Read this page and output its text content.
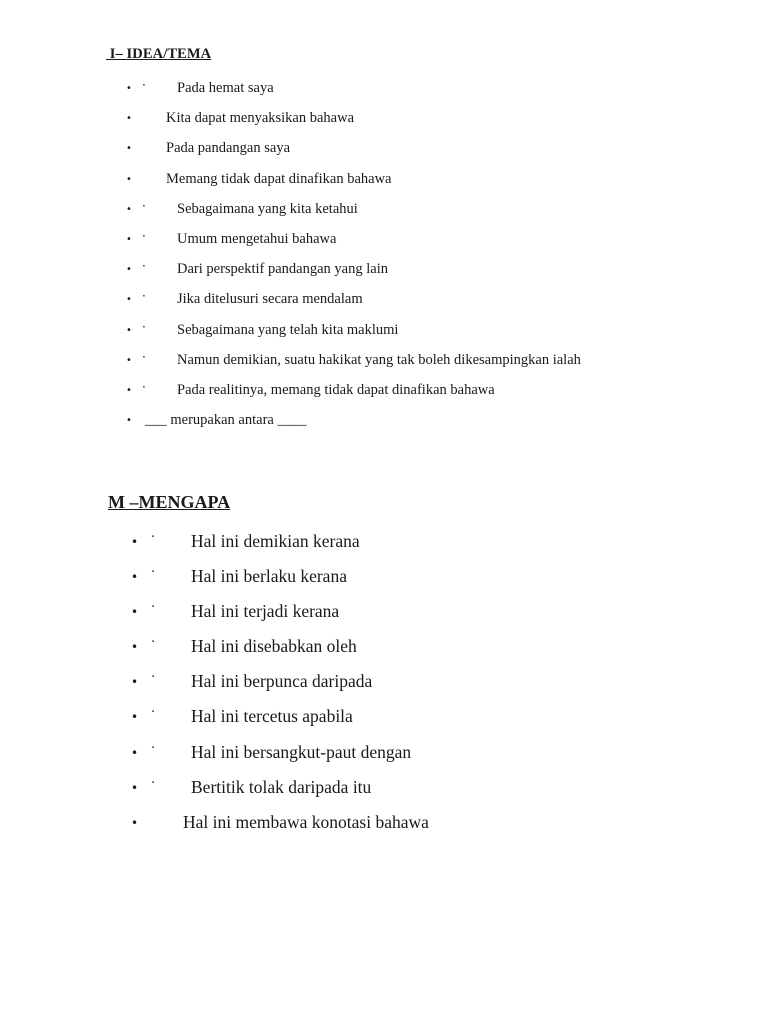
I– IDEA/TEMA
• · Pada hemat saya
• Kita dapat menyaksikan bahawa
• Pada pandangan saya
• Memang tidak dapat dinafikan bahawa
• · Sebagaimana yang kita ketahui
• · Umum mengetahui bahawa
• · Dari perspektif pandangan yang lain
• · Jika ditelusuri secara mendalam
• · Sebagaimana yang telah kita maklumi
• · Namun demikian, suatu hakikat yang tak boleh dikesampingkan ialah
• · Pada realitinya, memang tidak dapat dinafikan bahawa
• ___ merupakan antara ____
M –MENGAPA
• · Hal ini demikian kerana
• · Hal ini berlaku kerana
• · Hal ini terjadi kerana
• · Hal ini disebabkan oleh
• · Hal ini berpunca daripada
• · Hal ini tercetus apabila
• · Hal ini bersangkut-paut dengan
• · Bertitik tolak daripada itu
•	Hal ini membawa konotasi bahawa
